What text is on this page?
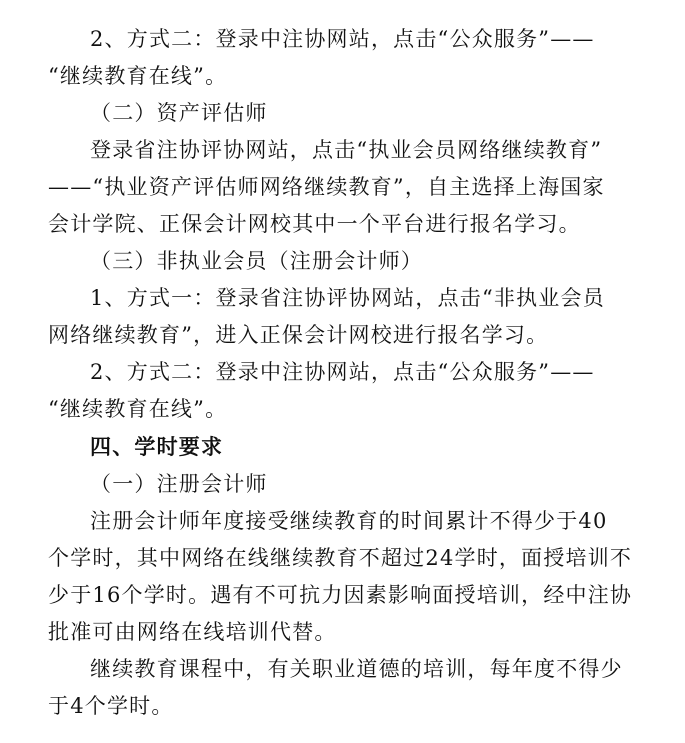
2、方式二：登录中注协网站，点击“公众服务”——
“继续教育在线”。
（二）资产评估师
登录省注协评协网站，点击“执业会员网络继续教育”
——“执业资产评估师网络继续教育”，自主选择上海国家
会计学院、正保会计网校其中一个平台进行报名学习。
（三）非执业会员（注册会计师）
1、方式一：登录省注协评协网站，点击“非执业会员
网络继续教育”，进入正保会计网校进行报名学习。
2、方式二：登录中注协网站，点击“公众服务”——
“继续教育在线”。
四、学时要求
（一）注册会计师
注册会计师年度接受继续教育的时间累计不得少于40
个学时，其中网络在线继续教育不超过24学时，面授培训不
少于16个学时。遇有不可抗力因素影响面授培训，经中注协
批准可由网络在线培训代替。
继续教育课程中，有关职业道德的培训，每年度不得少
于4个学时。
